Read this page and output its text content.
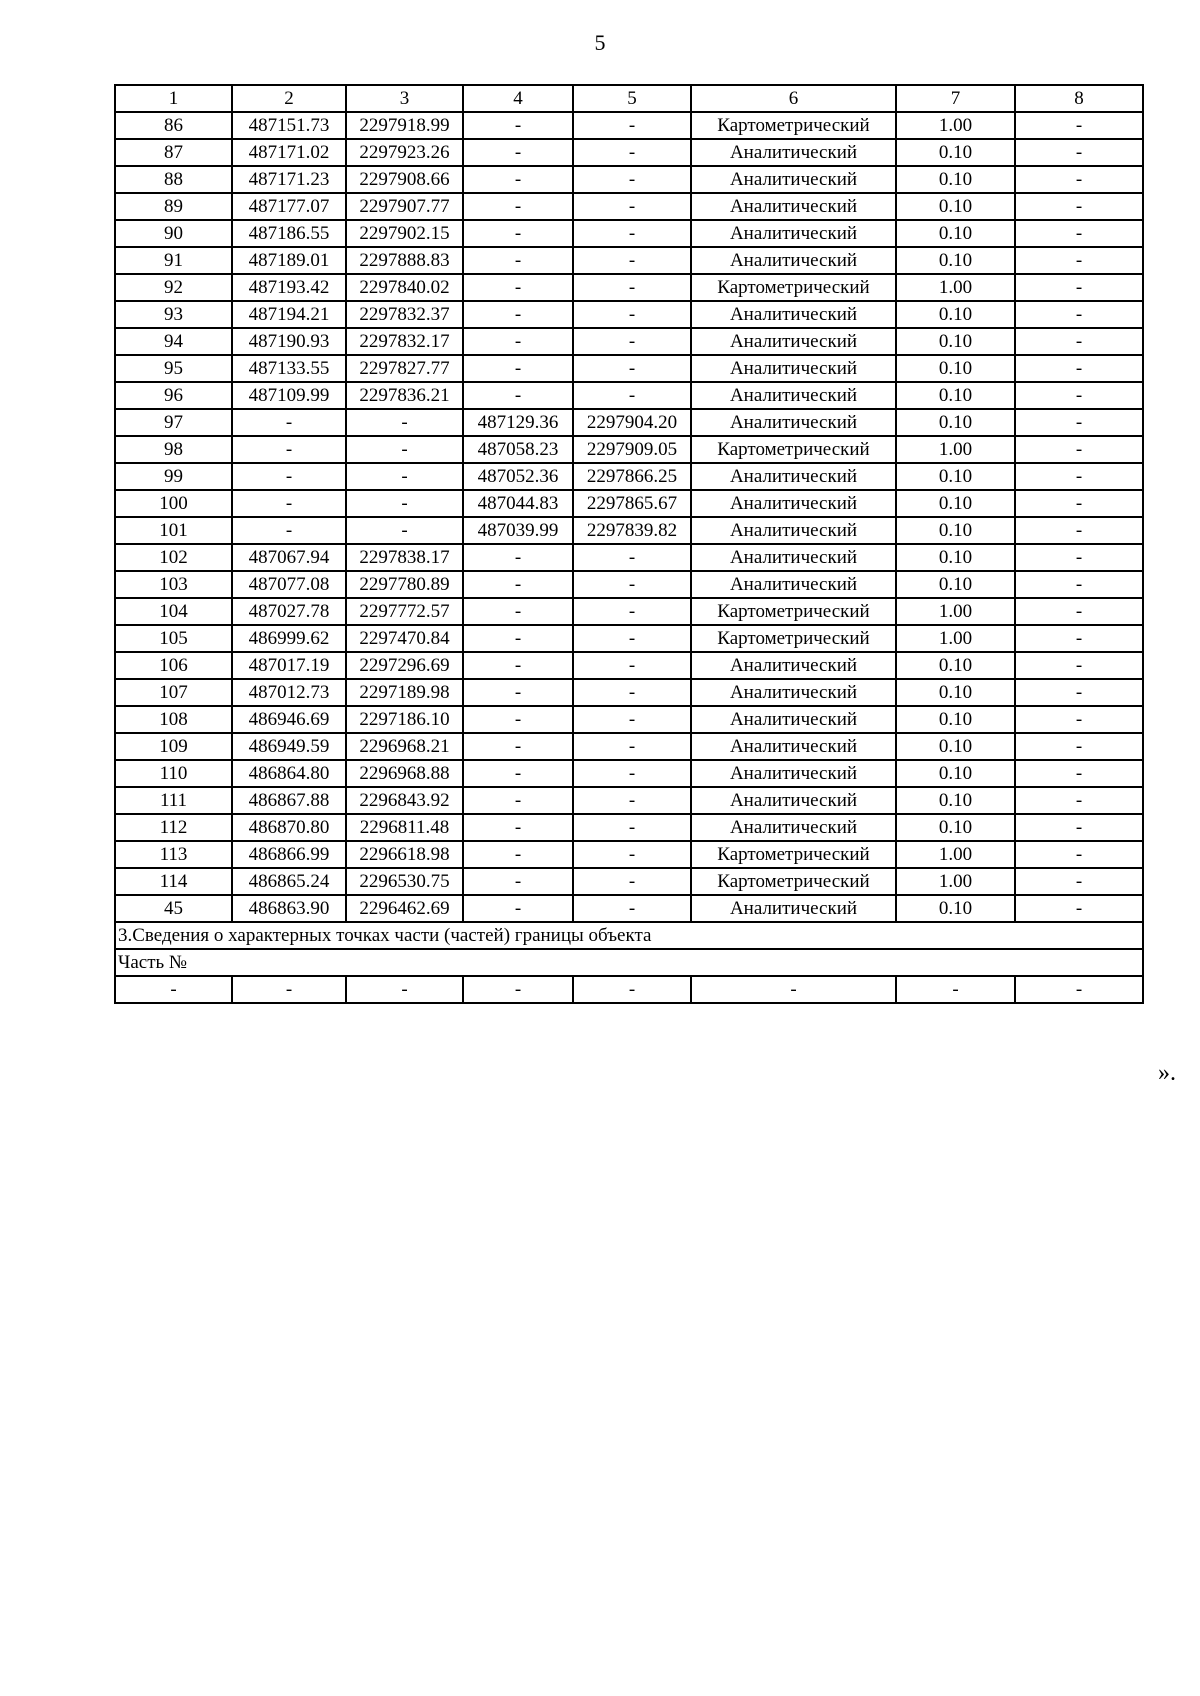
5
1	2	3	4	5	6	7	8
86	487151.73	2297918.99	-	-	Картометрический	1.00	-
87	487171.02	2297923.26	-	-	Аналитический	0.10	-
88	487171.23	2297908.66	-	-	Аналитический	0.10	-
89	487177.07	2297907.77	-	-	Аналитический	0.10	-
90	487186.55	2297902.15	-	-	Аналитический	0.10	-
91	487189.01	2297888.83	-	-	Аналитический	0.10	-
92	487193.42	2297840.02	-	-	Картометрический	1.00	-
93	487194.21	2297832.37	-	-	Аналитический	0.10	-
94	487190.93	2297832.17	-	-	Аналитический	0.10	-
95	487133.55	2297827.77	-	-	Аналитический	0.10	-
96	487109.99	2297836.21	-	-	Аналитический	0.10	-
97	-	-	487129.36	2297904.20	Аналитический	0.10	-
98	-	-	487058.23	2297909.05	Картометрический	1.00	-
99	-	-	487052.36	2297866.25	Аналитический	0.10	-
100	-	-	487044.83	2297865.67	Аналитический	0.10	-
101	-	-	487039.99	2297839.82	Аналитический	0.10	-
102	487067.94	2297838.17	-	-	Аналитический	0.10	-
103	487077.08	2297780.89	-	-	Аналитический	0.10	-
104	487027.78	2297772.57	-	-	Картометрический	1.00	-
105	486999.62	2297470.84	-	-	Картометрический	1.00	-
106	487017.19	2297296.69	-	-	Аналитический	0.10	-
107	487012.73	2297189.98	-	-	Аналитический	0.10	-
108	486946.69	2297186.10	-	-	Аналитический	0.10	-
109	486949.59	2296968.21	-	-	Аналитический	0.10	-
110	486864.80	2296968.88	-	-	Аналитический	0.10	-
111	486867.88	2296843.92	-	-	Аналитический	0.10	-
112	486870.80	2296811.48	-	-	Аналитический	0.10	-
113	486866.99	2296618.98	-	-	Картометрический	1.00	-
114	486865.24	2296530.75	-	-	Картометрический	1.00	-
45	486863.90	2296462.69	-	-	Аналитический	0.10	-
3.Сведения о характерных точках части (частей) границы объекта							
Часть №							
-	-	-	-	-	-	-	-
».
